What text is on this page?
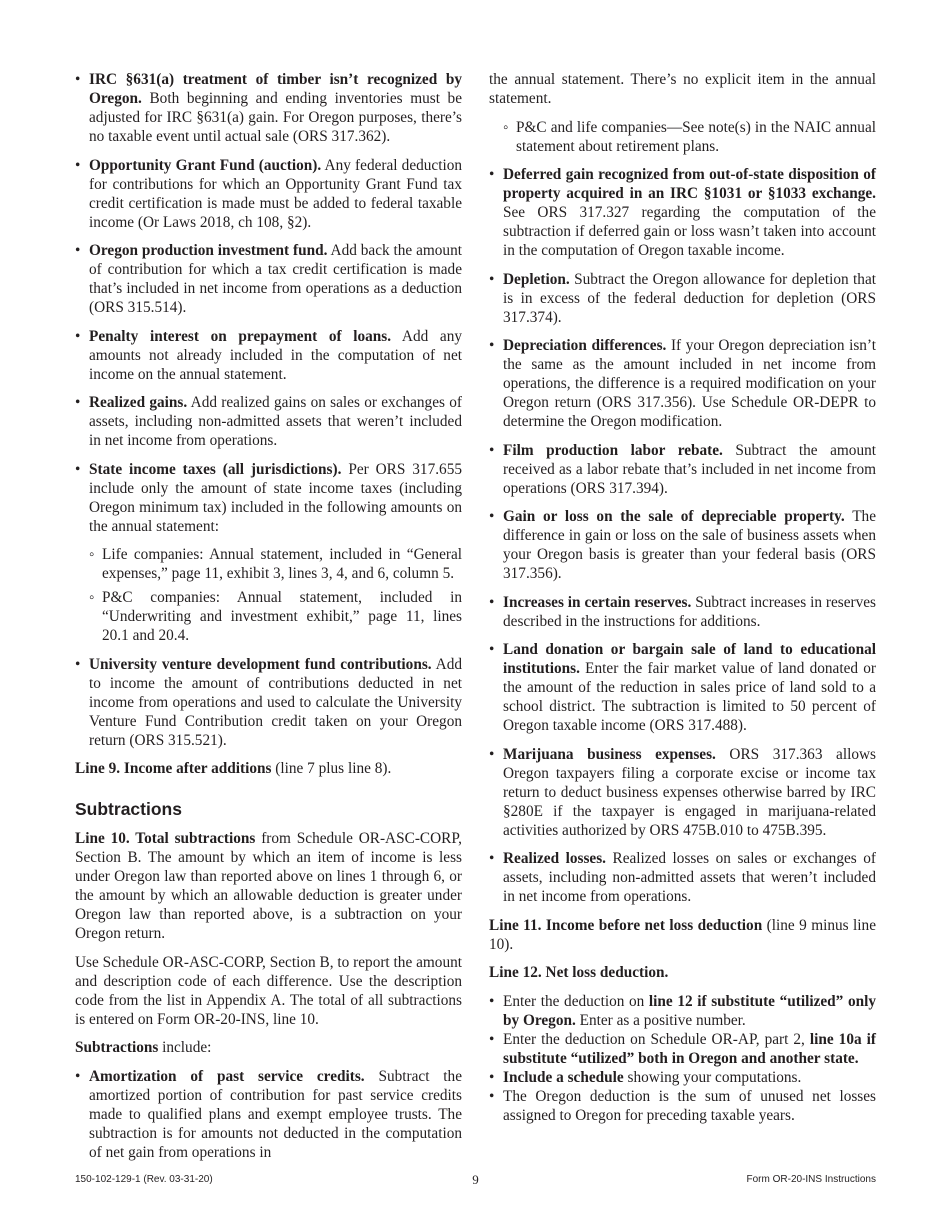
• IRC §631(a) treatment of timber isn’t recognized by Oregon. Both beginning and ending inventories must be adjusted for IRC §631(a) gain. For Oregon purposes, there’s no taxable event until actual sale (ORS 317.362).
• Opportunity Grant Fund (auction). Any federal deduction for contributions for which an Opportunity Grant Fund tax credit certification is made must be added to federal taxable income (Or Laws 2018, ch 108, §2).
• Oregon production investment fund. Add back the amount of contribution for which a tax credit certification is made that’s included in net income from operations as a deduction (ORS 315.514).
• Penalty interest on prepayment of loans. Add any amounts not already included in the computation of net income on the annual statement.
• Realized gains. Add realized gains on sales or exchanges of assets, including non-admitted assets that weren’t included in net income from operations.
• State income taxes (all jurisdictions). Per ORS 317.655 include only the amount of state income taxes (including Oregon minimum tax) included in the following amounts on the annual statement:
◦ Life companies: Annual statement, included in “General expenses,” page 11, exhibit 3, lines 3, 4, and 6, column 5.
◦ P&C companies: Annual statement, included in “Underwriting and investment exhibit,” page 11, lines 20.1 and 20.4.
• University venture development fund contributions. Add to income the amount of contributions deducted in net income from operations and used to calculate the University Venture Fund Contribution credit taken on your Oregon return (ORS 315.521).

Line 9. Income after additions (line 7 plus line 8).

Subtractions

Line 10. Total subtractions from Schedule OR-ASC-CORP, Section B. The amount by which an item of income is less under Oregon law than reported above on lines 1 through 6, or the amount by which an allowable deduction is greater under Oregon law than reported above, is a subtraction on your Oregon return.

Use Schedule OR-ASC-CORP, Section B, to report the amount and description code of each difference. Use the description code from the list in Appendix A. The total of all subtractions is entered on Form OR-20-INS, line 10.

Subtractions include:

• Amortization of past service credits. Subtract the amortized portion of contribution for past service credits made to qualified plans and exempt employee trusts. The subtraction is for amounts not deducted in the computation of net gain from operations in

the annual statement. There’s no explicit item in the annual statement.

◦ P&C and life companies—See note(s) in the NAIC annual statement about retirement plans.
• Deferred gain recognized from out-of-state disposition of property acquired in an IRC §1031 or §1033 exchange. See ORS 317.327 regarding the computation of the subtraction if deferred gain or loss wasn’t taken into account in the computation of Oregon taxable income.
• Depletion. Subtract the Oregon allowance for depletion that is in excess of the federal deduction for depletion (ORS 317.374).
• Depreciation differences. If your Oregon depreciation isn’t the same as the amount included in net income from operations, the difference is a required modification on your Oregon return (ORS 317.356). Use Schedule OR-DEPR to determine the Oregon modification.
• Film production labor rebate. Subtract the amount received as a labor rebate that’s included in net income from operations (ORS 317.394).
• Gain or loss on the sale of depreciable property. The difference in gain or loss on the sale of business assets when your Oregon basis is greater than your federal basis (ORS 317.356).
• Increases in certain reserves. Subtract increases in reserves described in the instructions for additions.
• Land donation or bargain sale of land to educational institutions. Enter the fair market value of land donated or the amount of the reduction in sales price of land sold to a school district. The subtraction is limited to 50 percent of Oregon taxable income (ORS 317.488).
• Marijuana business expenses. ORS 317.363 allows Oregon taxpayers filing a corporate excise or income tax return to deduct business expenses otherwise barred by IRC §280E if the taxpayer is engaged in marijuana-related activities authorized by ORS 475B.010 to 475B.395.
• Realized losses. Realized losses on sales or exchanges of assets, including non-admitted assets that weren’t included in net income from operations.

Line 11. Income before net loss deduction (line 9 minus line 10).

Line 12. Net loss deduction.

• Enter the deduction on line 12 if substitute “utilized” only by Oregon. Enter as a positive number.
• Enter the deduction on Schedule OR-AP, part 2, line 10a if substitute “utilized” both in Oregon and another state.
• Include a schedule showing your computations.
• The Oregon deduction is the sum of unused net losses assigned to Oregon for preceding taxable years.
150-102-129-1 (Rev. 03-31-20)	9	Form OR-20-INS Instructions
